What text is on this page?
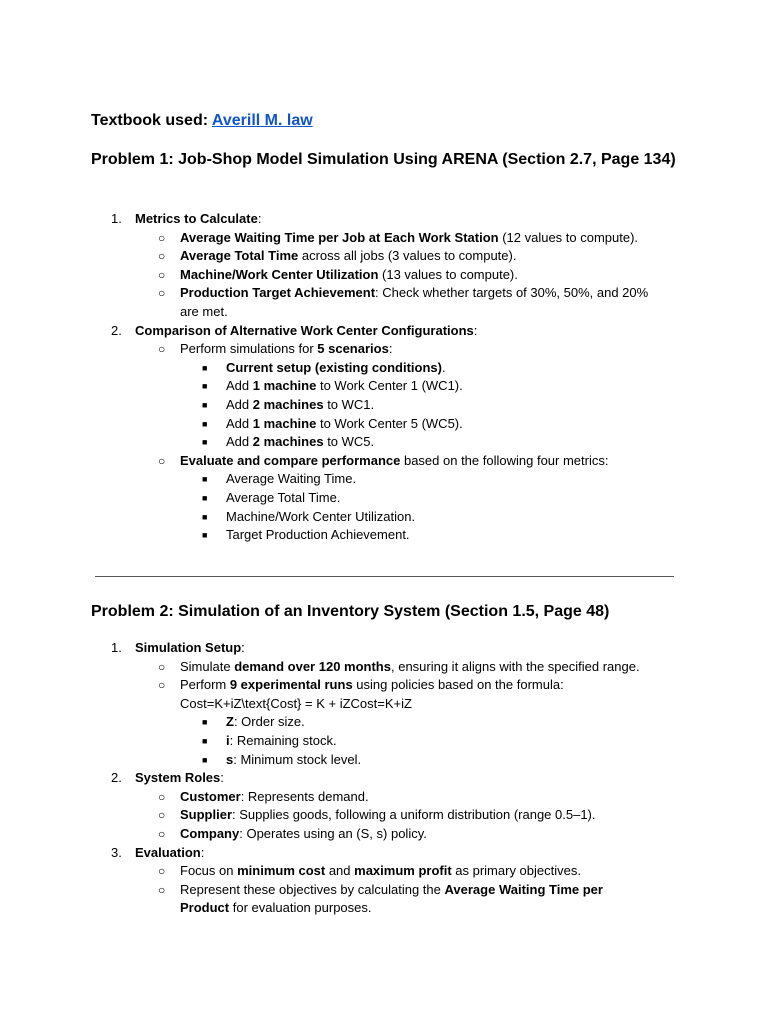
Textbook used: Averill M. law
Problem 1: Job-Shop Model Simulation Using ARENA (Section 2.7, Page 134)
1. Metrics to Calculate:
○ Average Waiting Time per Job at Each Work Station (12 values to compute).
○ Average Total Time across all jobs (3 values to compute).
○ Machine/Work Center Utilization (13 values to compute).
○ Production Target Achievement: Check whether targets of 30%, 50%, and 20% are met.
2. Comparison of Alternative Work Center Configurations:
○ Perform simulations for 5 scenarios:
■ Current setup (existing conditions).
■ Add 1 machine to Work Center 1 (WC1).
■ Add 2 machines to WC1.
■ Add 1 machine to Work Center 5 (WC5).
■ Add 2 machines to WC5.
○ Evaluate and compare performance based on the following four metrics:
■ Average Waiting Time.
■ Average Total Time.
■ Machine/Work Center Utilization.
■ Target Production Achievement.
Problem 2: Simulation of an Inventory System (Section 1.5, Page 48)
1. Simulation Setup:
○ Simulate demand over 120 months, ensuring it aligns with the specified range.
○ Perform 9 experimental runs using policies based on the formula:
Cost=K+iZ\text{Cost} = K + iZCost=K+iZ
■ Z: Order size.
■ i: Remaining stock.
■ s: Minimum stock level.
2. System Roles:
○ Customer: Represents demand.
○ Supplier: Supplies goods, following a uniform distribution (range 0.5–1).
○ Company: Operates using an (S, s) policy.
3. Evaluation:
○ Focus on minimum cost and maximum profit as primary objectives.
○ Represent these objectives by calculating the Average Waiting Time per Product for evaluation purposes.
